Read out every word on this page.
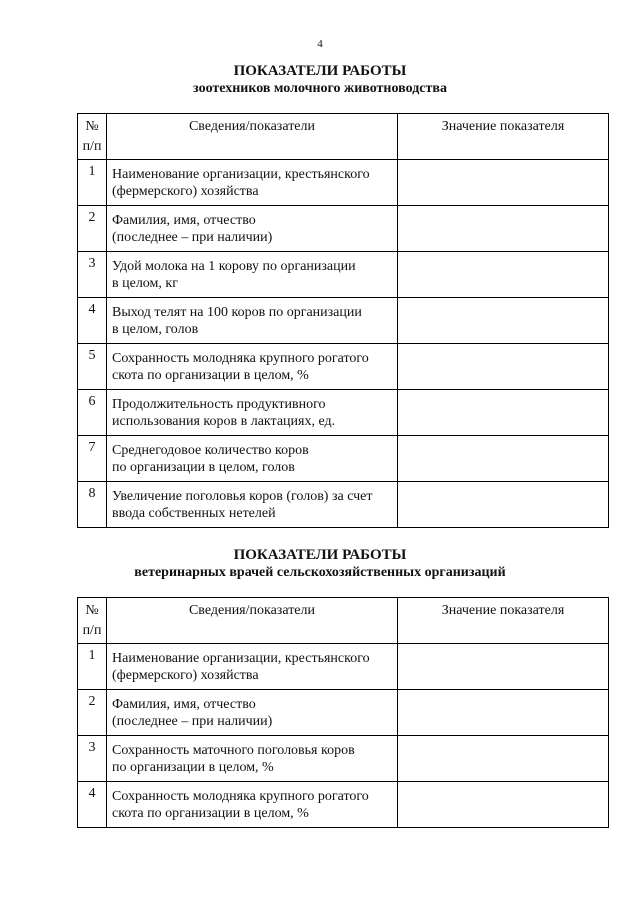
4
ПОКАЗАТЕЛИ РАБОТЫ
зоотехников молочного животноводства
№
п/п	Сведения/показатели	Значение показателя
1	Наименование организации, крестьянского
(фермерского) хозяйства	

2	Фамилия, имя, отчество
(последнее – при наличии)	

3	Удой молока на 1 корову по организации
в целом, кг	

4	Выход телят на 100 коров по организации
в целом, голов	

5	Сохранность молодняка крупного рогатого
скота по организации в целом, %	

6	Продолжительность продуктивного
использования коров в лактациях, ед.	

7	Среднегодовое количество коров
по организации в целом, голов	

8	Увеличение поголовья коров (голов) за счет
ввода собственных нетелей	

ПОКАЗАТЕЛИ РАБОТЫ
ветеринарных врачей сельскохозяйственных организаций
№
п/п	Сведения/показатели	Значение показателя
1	Наименование организации, крестьянского
(фермерского) хозяйства	

2	Фамилия, имя, отчество
(последнее – при наличии)	

3	Сохранность маточного поголовья коров
по организации в целом, %	

4	Сохранность молодняка крупного рогатого
скота по организации в целом, %	
